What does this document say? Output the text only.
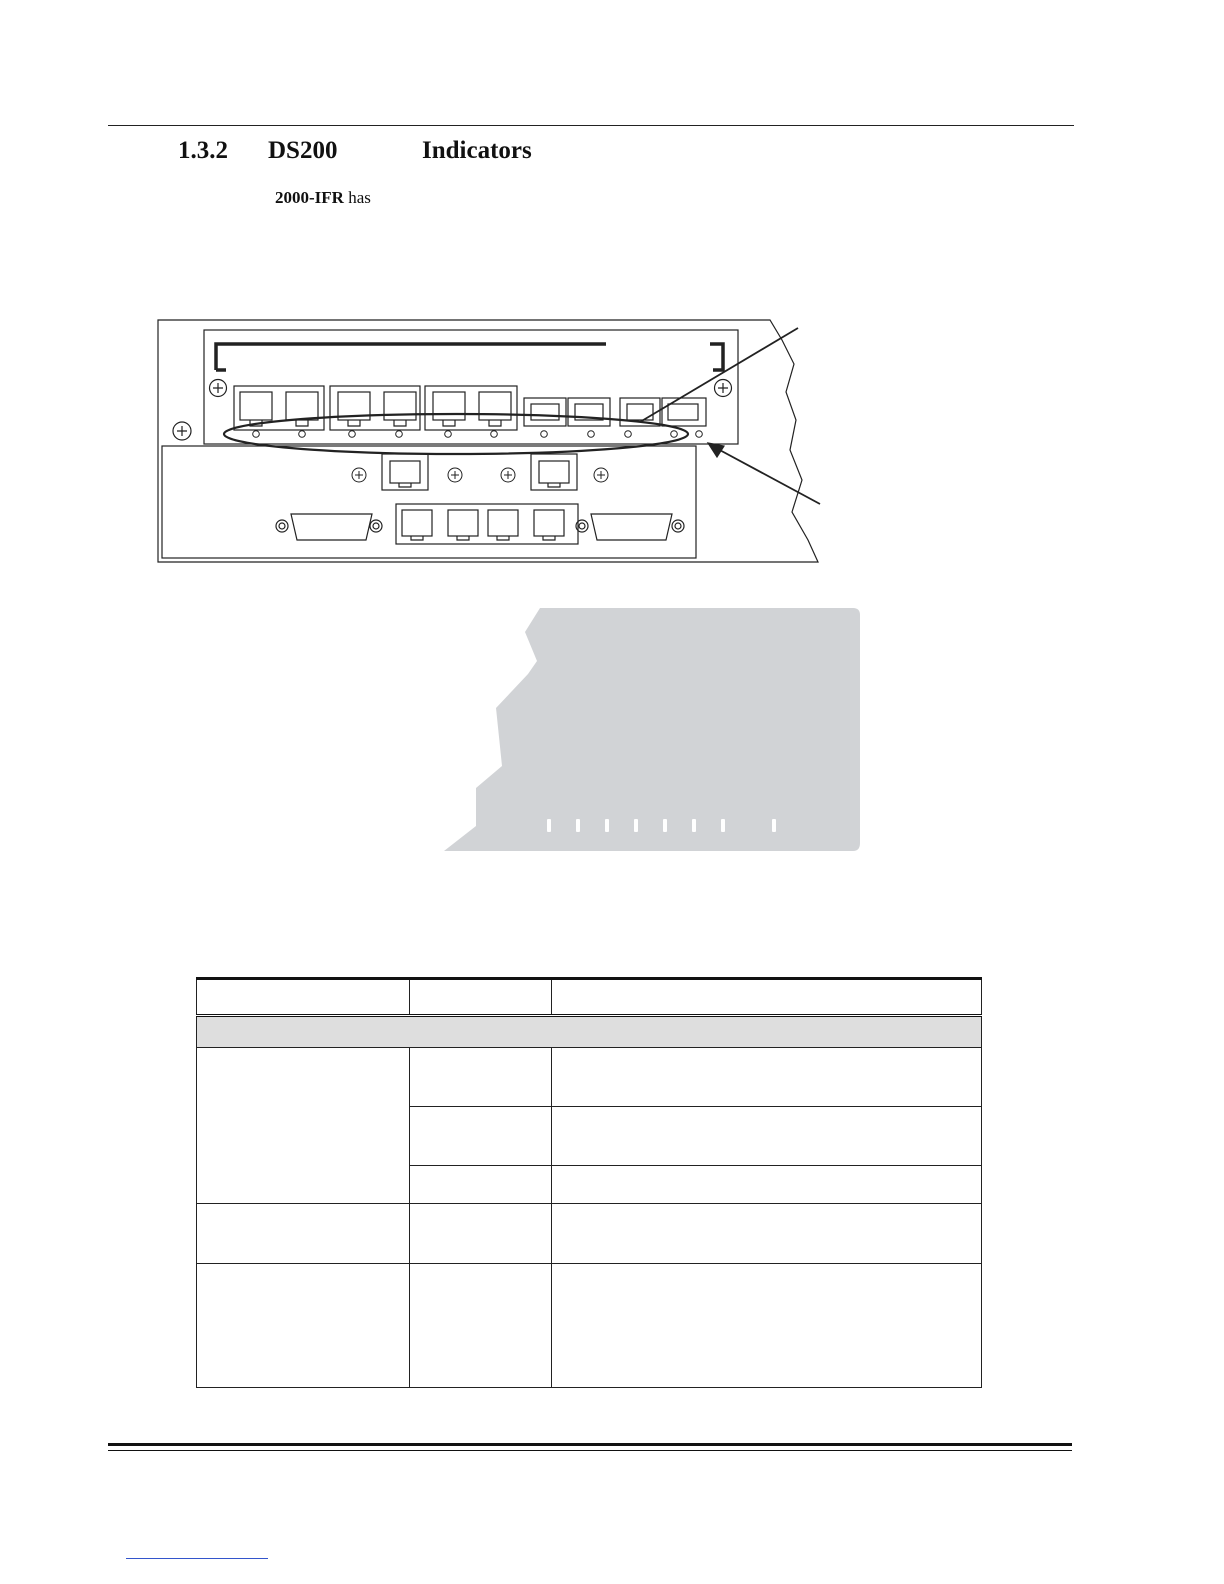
1.3.2 DS200	Indicators
2000-IFR has
